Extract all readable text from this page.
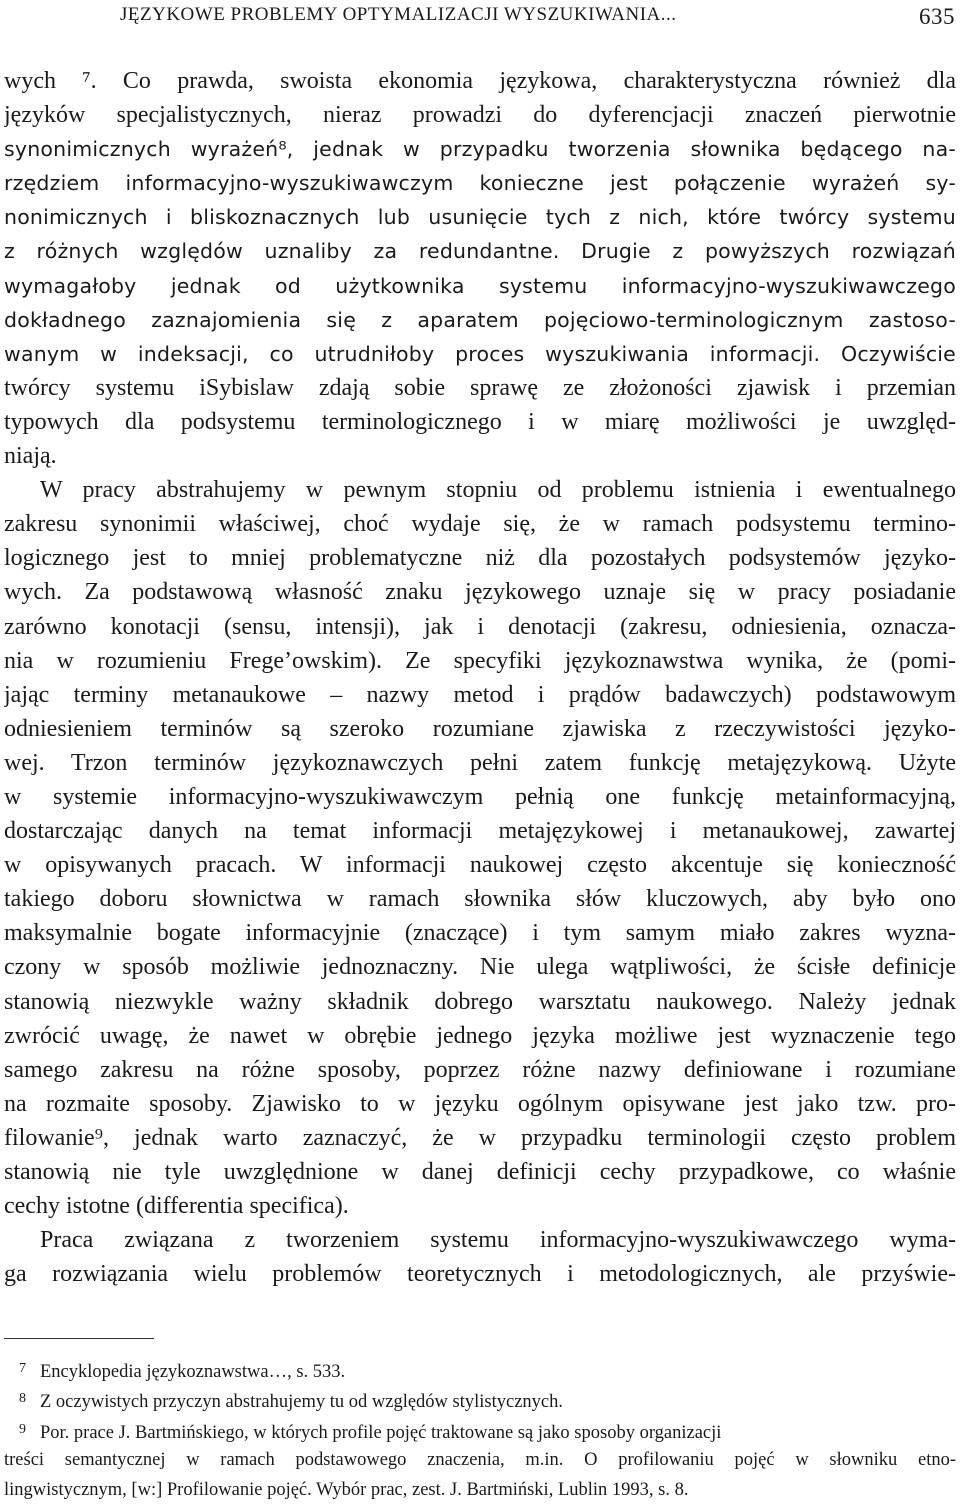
JĘZYKOWE PROBLEMY OPTYMALIZACJI WYSZUKIWANIA...	635
wych ⁷. Co prawda, swoista ekonomia językowa, charakterystyczna również dla
języków specjalistycznych, nieraz prowadzi do dyferencjacji znaczeń pierwotnie
synonimicznych wyrażeń⁸, jednak w przypadku tworzenia słownika będącego na-
rzędziem informacyjno-wyszukiwawczym konieczne jest połączenie wyrażeń sy-
nonimicznych i bliskoznacznych lub usunięcie tych z nich, które twórcy systemu
z różnych względów uznaliby za redundantne. Drugie z powyższych rozwiązań
wymagałoby jednak od użytkownika systemu informacyjno-wyszukiwawczego
dokładnego zaznajomienia się z aparatem pojęciowo-terminologicznym zastoso-
wanym w indeksacji, co utrudniłoby proces wyszukiwania informacji. Oczywiście
twórcy systemu iSybislaw zdają sobie sprawę ze złożoności zjawisk i przemian
typowych dla podsystemu terminologicznego i w miarę możliwości je uwzględ-
niają.
W pracy abstrahujemy w pewnym stopniu od problemu istnienia i ewentualnego
zakresu synonimii właściwej, choć wydaje się, że w ramach podsystemu termino-
logicznego jest to mniej problematyczne niż dla pozostałych podsystemów języko-
wych. Za podstawową własność znaku językowego uznaje się w pracy posiadanie
zarówno konotacji (sensu, intensji), jak i denotacji (zakresu, odniesienia, oznacza-
nia w rozumieniu Frege’owskim). Ze specyfiki językoznawstwa wynika, że (pomi-
jając terminy metanaukowe – nazwy metod i prądów badawczych) podstawowym
odniesieniem terminów są szeroko rozumiane zjawiska z rzeczywistości języko-
wej. Trzon terminów językoznawczych pełni zatem funkcję metajęzykową. Użyte
w systemie informacyjno-wyszukiwawczym pełnią one funkcję metainformacyjną,
dostarczając danych na temat informacji metajęzykowej i metanaukowej, zawartej
w opisywanych pracach. W informacji naukowej często akcentuje się konieczność
takiego doboru słownictwa w ramach słownika słów kluczowych, aby było ono
maksymalnie bogate informacyjnie (znaczące) i tym samym miało zakres wyzna-
czony w sposób możliwie jednoznaczny. Nie ulega wątpliwości, że ścisłe definicje
stanowią niezwykle ważny składnik dobrego warsztatu naukowego. Należy jednak
zwrócić uwagę, że nawet w obrębie jednego języka możliwe jest wyznaczenie tego
samego zakresu na różne sposoby, poprzez różne nazwy definiowane i rozumiane
na rozmaite sposoby. Zjawisko to w języku ogólnym opisywane jest jako tzw. pro-
filowanie⁹, jednak warto zaznaczyć, że w przypadku terminologii często problem
stanowią nie tyle uwzględnione w danej definicji cechy przypadkowe, co właśnie
cechy istotne (differentia specifica).
Praca związana z tworzeniem systemu informacyjno-wyszukiwawczego wyma-
ga rozwiązania wielu problemów teoretycznych i metodologicznych, ale przyświe-
7 Encyklopedia językoznawstwa…, s. 533.
8 Z oczywistych przyczyn abstrahujemy tu od względów stylistycznych.
9 Por. prace J. Bartmińskiego, w których profile pojęć traktowane są jako sposoby organizacji
treści semantycznej w ramach podstawowego znaczenia, m.in. O profilowaniu pojęć w słowniku etno-
lingwistycznym, [w:] Profilowanie pojęć. Wybór prac, zest. J. Bartmiński, Lublin 1993, s. 8.
